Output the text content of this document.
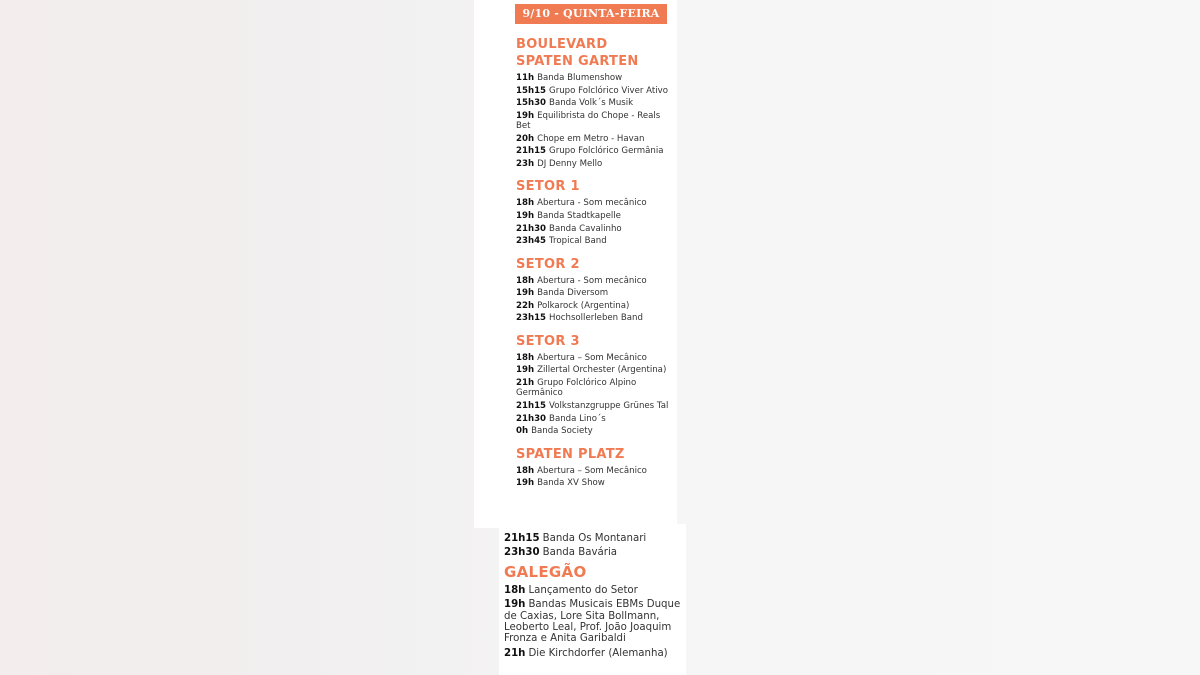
9/10 - QUINTA-FEIRA
BOULEVARD
SPATEN GARTEN
11h Banda Blumenshow
15h15 Grupo Folclórico Viver Ativo
15h30 Banda Volk´s Musik
19h Equilibrista do Chope - Reals Bet
20h Chope em Metro - Havan
21h15 Grupo Folclórico Germânia
23h DJ Denny Mello
SETOR 1
18h Abertura - Som mecânico
19h Banda Stadtkapelle
21h30 Banda Cavalinho
23h45 Tropical Band
SETOR 2
18h Abertura - Som mecânico
19h Banda Diversom
22h Polkarock (Argentina)
23h15 Hochsollerleben Band
SETOR 3
18h Abertura – Som Mecânico
19h Zillertal Orchester (Argentina)
21h Grupo Folclórico Alpino Germânico
21h15 Volkstanzgruppe Grünes Tal
21h30 Banda Lino´s
0h Banda Society
SPATEN PLATZ
18h Abertura – Som Mecânico
19h Banda XV Show
21h15 Banda Os Montanari
23h30 Banda Bavária
GALEGÃO
18h Lançamento do Setor
19h Bandas Musicais EBMs Duque de Caxias, Lore Sita Bollmann, Leoberto Leal, Prof. João Joaquim Fronza e Anita Garibaldi
21h Die Kirchdorfer (Alemanha)
